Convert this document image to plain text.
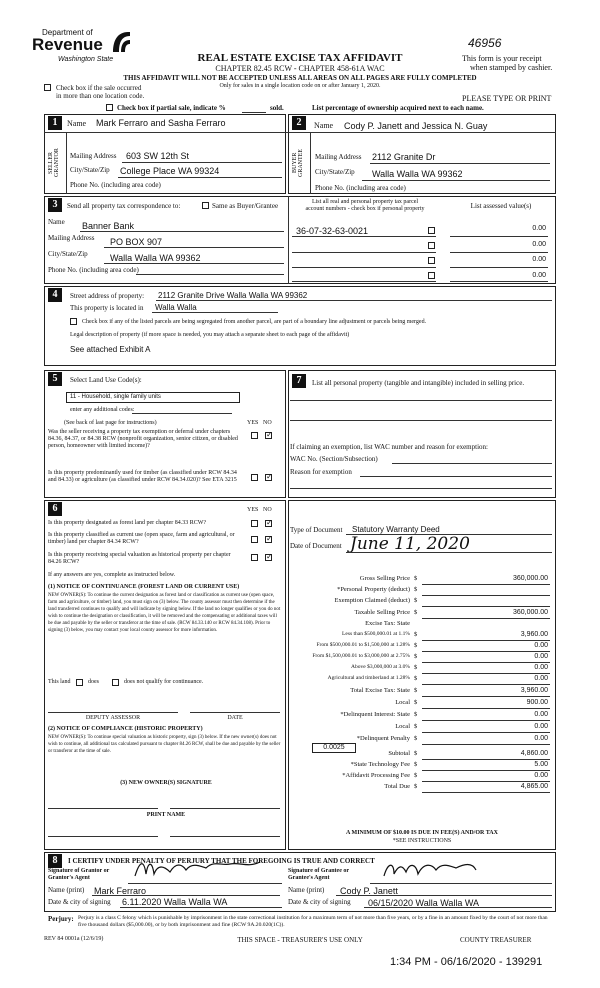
Department of
Revenue
Washington State	REAL ESTATE EXCISE TAX AFFIDAVIT
CHAPTER 82.45 RCW - CHAPTER 458-61A WAC
THIS AFFIDAVIT WILL NOT BE ACCEPTED UNLESS ALL AREAS ON ALL PAGES ARE FULLY COMPLETED
Only for sales in a single location code on or after January 1, 2020.
46956
This form is your receipt
when stamped by cashier.
Check box if the sale occurred
in more than one location code.	PLEASE TYPE OR PRINT
Check box if partial sale, indicate %	sold.	List percentage of ownership acquired next to each name.
1	Name Mark Ferraro and Sasha Ferraro
SELLER GRANTOR Mailing Address 603 SW 12th St
City/State/Zip College Place WA 99324
Phone No. (including area code)
2	Name Cody P. Janett and Jessica N. Guay
BUYER GRANTEE Mailing Address 2112 Granite Dr
City/State/Zip Walla Walla WA 99362
Phone No. (including area code)
3	Send all property tax correspondence to:	Same as Buyer/Grantee	List all real and personal property tax parcel
account numbers - check box if personal property	List assessed value(s)
Name Banner Bank
Mailing Address PO BOX 907
City/State/Zip Walla Walla WA 99362
Phone No. (including area code)
36-07-32-63-0021	0.00
0.00
0.00
0.00
4	Street address of property: 2112 Granite Drive Walla Walla WA 99362
This property is located in Walla Walla
Check box if any of the listed parcels are being segregated from another parcel, are part of a boundary line adjustment or parcels being merged.
Legal description of property (if more space is needed, you may attach a separate sheet to each page of the affidavit)
See attached Exhibit A
5	Select Land Use Code(s):
11 - Household, single family units
enter any additional codes:
(See back of last page for instructions)	YES NO
Was the seller receiving a property tax exemption or deferral under chapters 84.36, 84.37, or 84.38 RCW (nonprofit organization, senior citizen, or disabled person, homeowner with limited income)?
✓
Is this property predominantly used for timber (as classified under RCW 84.34 and 84.33) or agriculture (as classified under RCW 84.34.020)? See ETA 3215
✓
7	List all personal property (tangible and intangible) included in selling price.
If claiming an exemption, list WAC number and reason for exemption:
WAC No. (Section/Subsection)
Reason for exemption
6	YES NO
Is this property designated as forest land per chapter 84.33 RCW?
✓
Is this property classified as current use (open space, farm and agricultural, or timber) land per chapter 84.34 RCW?
✓
Is this property receiving special valuation as historical property per chapter 84.26 RCW?
✓
If any answers are yes, complete as instructed below.
(1) NOTICE OF CONTINUANCE (FOREST LAND OR CURRENT USE)
NEW OWNER(S): To continue the current designation as forest land or classification as current use (open space, farm and agriculture, or timber) land, you must sign on (3) below. The county assessor must then determine if the land transferred continues to qualify and will indicate by signing below. If the land no longer qualifies or you do not wish to continue the designation or classification, it will be removed and the compensating or additional taxes will be due and payable by the seller or transferor at the time of sale. (RCW 84.33.140 or RCW 84.34.108). Prior to signing (3) below, you may contact your local county assessor for more information.
This land	does	does not qualify for continuance.
DEPUTY ASSESSOR	DATE
(2) NOTICE OF COMPLIANCE (HISTORIC PROPERTY)
NEW OWNER(S): To continue special valuation as historic property, sign (3) below. If the new owner(s) does not wish to continue, all additional tax calculated pursuant to chapter 84.26 RCW, shall be due and payable by the seller or transferor at the time of sale.
(3) NEW OWNER(S) SIGNATURE
PRINT NAME
Type of Document Statutory Warranty Deed
Date of Document June 11, 2020
Gross Selling Price $	360,000.00
*Personal Property (deduct) $
Exemption Claimed (deduct) $
Taxable Selling Price $	360,000.00
Excise Tax: State
Less than $500,000.01 at 1.1% $	3,960.00
From $500,000.01 to $1,500,000 at 1.28% $	0.00
From $1,500,000.01 to $3,000,000 at 2.75% $	0.00
Above $3,000,000 at 3.0% $	0.00
Agricultural and timberland at 1.28% $	0.00
Total Excise Tax: State $	3,960.00
Local $	900.00
*Delinquent Interest: State $	0.00
Local $	0.00
*Delinquent Penalty $	0.00
Subtotal $	4,860.00
*State Technology Fee $	5.00
*Affidavit Processing Fee $	0.00
Total Due $	4,865.00
0.0025
A MINIMUM OF $10.00 IS DUE IN FEE(S) AND/OR TAX
*SEE INSTRUCTIONS
8	I CERTIFY UNDER PENALTY OF PERJURY THAT THE FOREGOING IS TRUE AND CORRECT
Signature of Grantor or Grantor's Agent
Signature of Grantee or Grantee's Agent
Name (print) Mark Ferraro	Name (print) Cody P. Janett
Date & city of signing 6.11.2020 Walla Walla WA	Date & city of signing 06/15/2020 Walla Walla WA
Perjury: Perjury is a class C felony which is punishable by imprisonment in the state correctional institution for a maximum term of not more than five years, or by a fine in an amount fixed by the court of not more than five thousand dollars ($5,000.00), or by both imprisonment and fine (RCW 9A.20.020(1C)).
REV 84 0001a (12/6/19)	THIS SPACE - TREASURER'S USE ONLY	COUNTY TREASURER
1:34 PM - 06/16/2020 - 139291
